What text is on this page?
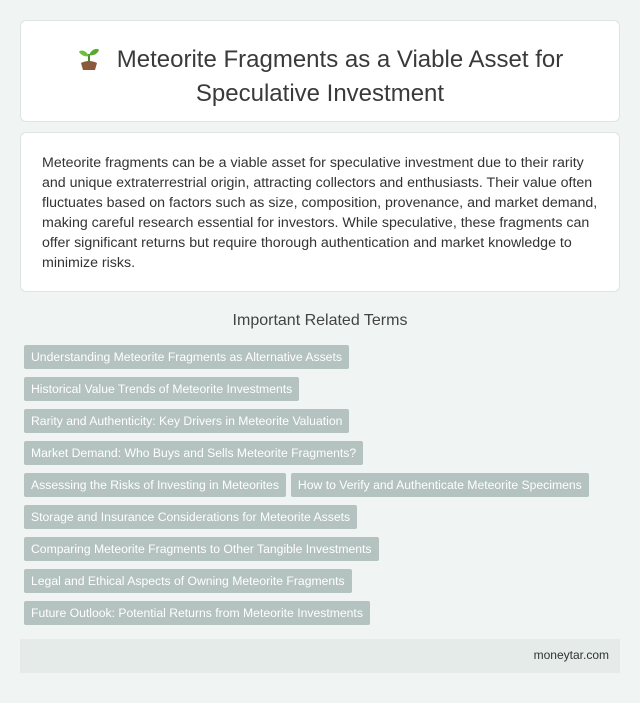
Meteorite Fragments as a Viable Asset for
Speculative Investment
Meteorite fragments can be a viable asset for speculative investment due to their rarity and unique extraterrestrial origin, attracting collectors and enthusiasts. Their value often fluctuates based on factors such as size, composition, provenance, and market demand, making careful research essential for investors. While speculative, these fragments can offer significant returns but require thorough authentication and market knowledge to minimize risks.
Important Related Terms
Understanding Meteorite Fragments as Alternative Assets
Historical Value Trends of Meteorite Investments
Rarity and Authenticity: Key Drivers in Meteorite Valuation
Market Demand: Who Buys and Sells Meteorite Fragments?
Assessing the Risks of Investing in Meteorites How to Verify and Authenticate Meteorite Specimens
Storage and Insurance Considerations for Meteorite Assets
Comparing Meteorite Fragments to Other Tangible Investments
Legal and Ethical Aspects of Owning Meteorite Fragments
Future Outlook: Potential Returns from Meteorite Investments
moneytar.com
